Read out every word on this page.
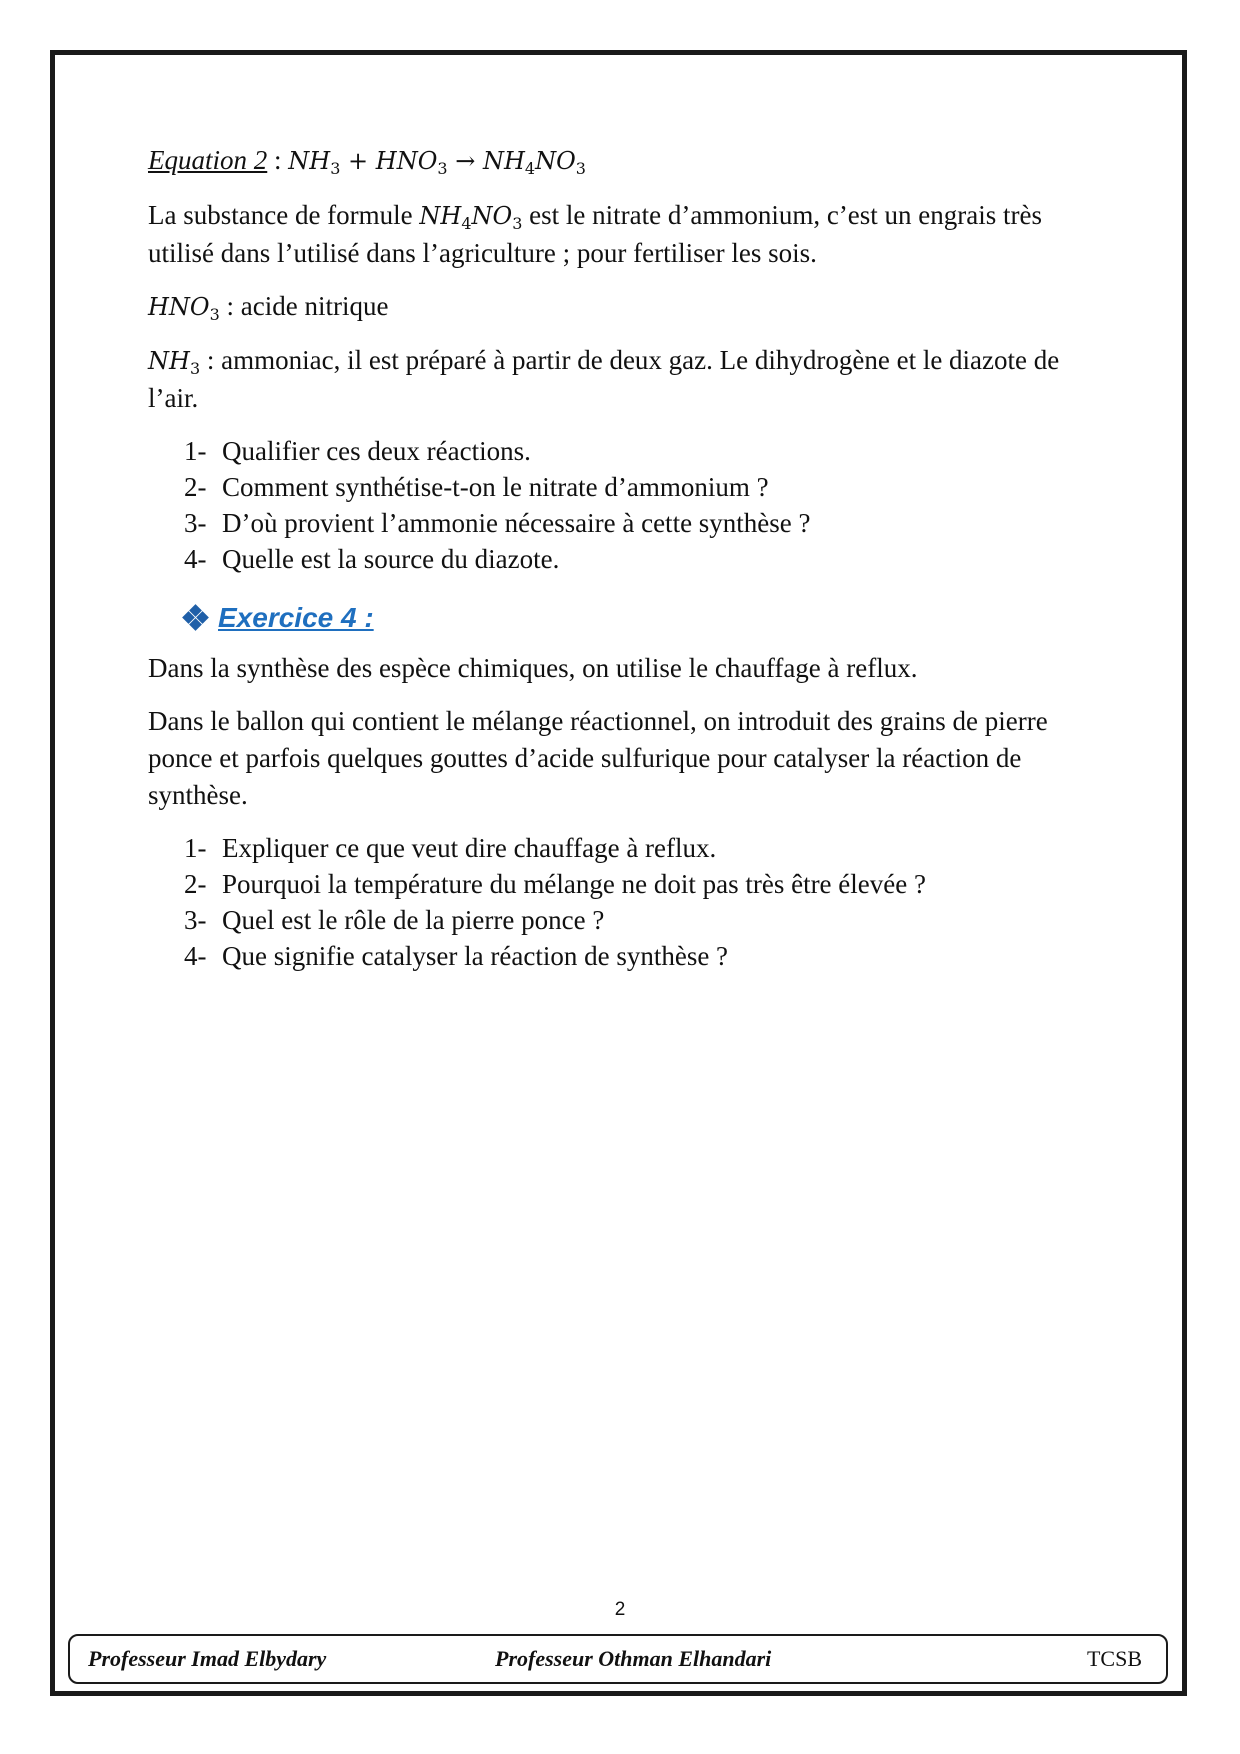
Equation 2 : $NH_3 + HNO_3 \to NH_4NO_3$

La substance de formule $NH_4NO_3$ est le nitrate d’ammonium, c’est un engrais très utilisé dans l’utilisé dans l’agriculture ; pour fertiliser les sois.

$HNO_3$ : acide nitrique

$NH_3$ : ammoniac, il est préparé à partir de deux gaz. Le dihydrogène et le diazote de l’air.

1- Qualifier ces deux réactions.
2- Comment synthétise-t-on le nitrate d’ammonium ?
3- D’où provient l’ammonie nécessaire à cette synthèse ?
4- Quelle est la source du diazote.
Exercice 4 :

Dans la synthèse des espèce chimiques, on utilise le chauffage à reflux.

Dans le ballon qui contient le mélange réactionnel, on introduit des grains de pierre ponce et parfois quelques gouttes d’acide sulfurique pour catalyser la réaction de synthèse.

1- Expliquer ce que veut dire chauffage à reflux.
2- Pourquoi la température du mélange ne doit pas très être élevée ?
3- Quel est le rôle de la pierre ponce ?
4- Que signifie catalyser la réaction de synthèse ?
2
Professeur Imad Elbydary	Professeur Othman Elhandari	TCSB
